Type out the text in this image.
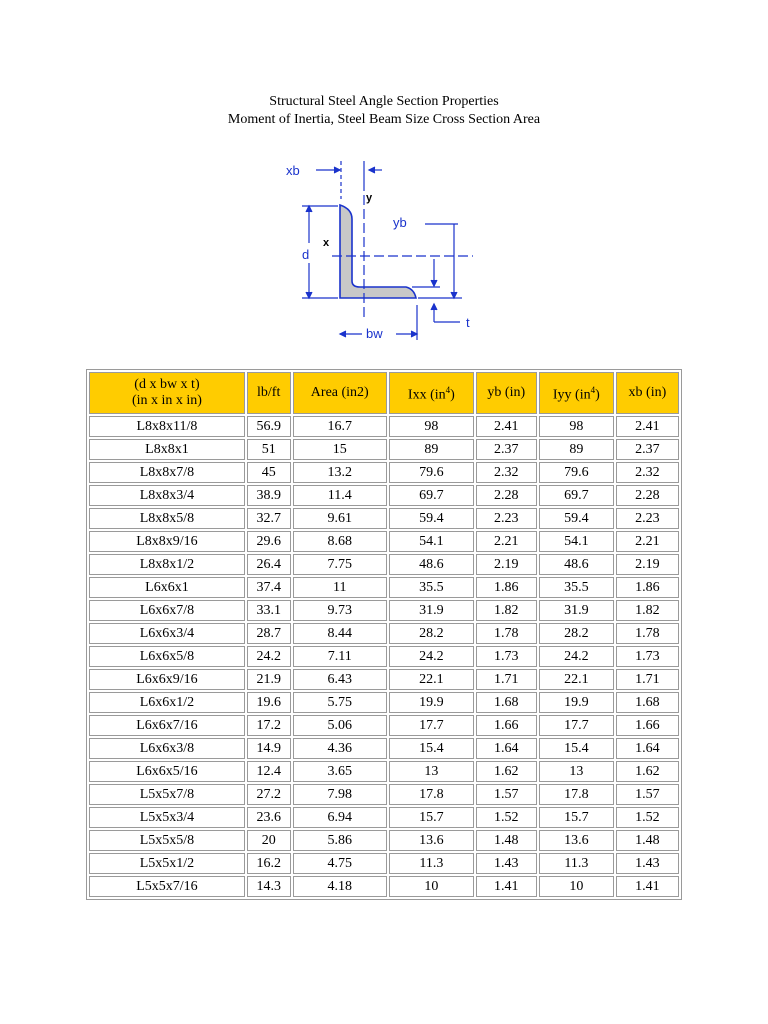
Structural Steel Angle Section Properties
Moment of Inertia, Steel Beam Size Cross Section Area
xb
y
x
d
yb
t
bw
(d x bw x t)
(in x in x in)	lb/ft	Area (in2)	Ixx $(in^4)$	yb (in)	Iyy $(in^4)$	xb (in)
L8x8x11/8	56.9	16.7	98	2.41	98	2.41
L8x8x1	51	15	89	2.37	89	2.37
L8x8x7/8	45	13.2	79.6	2.32	79.6	2.32
L8x8x3/4	38.9	11.4	69.7	2.28	69.7	2.28
L8x8x5/8	32.7	9.61	59.4	2.23	59.4	2.23
L8x8x9/16	29.6	8.68	54.1	2.21	54.1	2.21
L8x8x1/2	26.4	7.75	48.6	2.19	48.6	2.19
L6x6x1	37.4	11	35.5	1.86	35.5	1.86
L6x6x7/8	33.1	9.73	31.9	1.82	31.9	1.82
L6x6x3/4	28.7	8.44	28.2	1.78	28.2	1.78
L6x6x5/8	24.2	7.11	24.2	1.73	24.2	1.73
L6x6x9/16	21.9	6.43	22.1	1.71	22.1	1.71
L6x6x1/2	19.6	5.75	19.9	1.68	19.9	1.68
L6x6x7/16	17.2	5.06	17.7	1.66	17.7	1.66
L6x6x3/8	14.9	4.36	15.4	1.64	15.4	1.64
L6x6x5/16	12.4	3.65	13	1.62	13	1.62
L5x5x7/8	27.2	7.98	17.8	1.57	17.8	1.57
L5x5x3/4	23.6	6.94	15.7	1.52	15.7	1.52
L5x5x5/8	20	5.86	13.6	1.48	13.6	1.48
L5x5x1/2	16.2	4.75	11.3	1.43	11.3	1.43
L5x5x7/16	14.3	4.18	10	1.41	10	1.41
